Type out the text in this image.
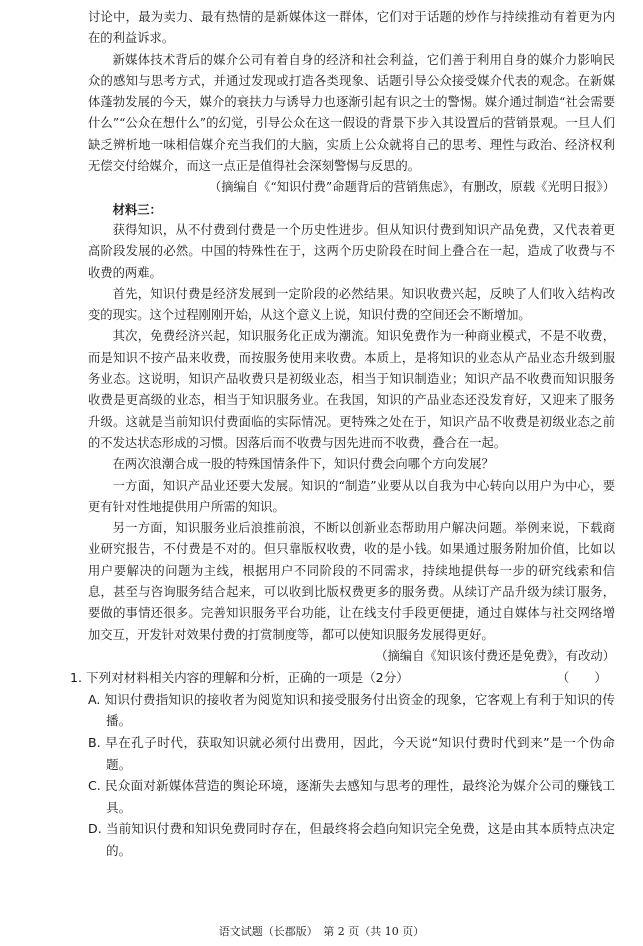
讨论中，最为卖力、最有热情的是新媒体这一群体，它们对于话题的炒作与持续推动有着更为内在的利益诉求。

新媒体技术背后的媒介公司有着自身的经济和社会利益，它们善于利用自身的媒介力影响民众的感知与思考方式，并通过发现或打造各类现象、话题引导公众接受媒介代表的观念。在新媒体蓬勃发展的今天，媒介的衰扶力与诱导力也逐渐引起有识之士的警惕。媒介通过制造“社会需要什么”“公众在想什么”的幻觉，引导公众在这一假设的背景下步入其设置后的营销景观。一旦人们缺乏辨析地一味相信媒介充当我们的大脑，实质上公众就将自己的思考、理性与政治、经济权利无偿交付给媒介，而这一点正是值得社会深刻警惕与反思的。

（摘编自《“知识付费”命题背后的营销焦虑》，有删改，原载《光明日报》）

材料三：

获得知识，从不付费到付费是一个历史性进步。但从知识付费到知识产品免费，又代表着更高阶段发展的必然。中国的特殊性在于，这两个历史阶段在时间上叠合在一起，造成了收费与不收费的两难。

首先，知识付费是经济发展到一定阶段的必然结果。知识收费兴起，反映了人们收入结构改变的现实。这个过程刚刚开始，从这个意义上说，知识付费的空间还会不断增加。

其次，免费经济兴起，知识服务化正成为潮流。知识免费作为一种商业模式，不是不收费，而是知识不按产品来收费，而按服务使用来收费。本质上，是将知识的业态从产品业态升级到服务业态。这说明，知识产品收费只是初级业态，相当于知识制造业；知识产品不收费而知识服务收费是更高级的业态，相当于知识服务业。在我国，知识的产品业态还没发育好，又迎来了服务升级。这就是当前知识付费面临的实际情况。更特殊之处在于，知识产品不收费是初级业态之前的不发达状态形成的习惯。因落后而不收费与因先进而不收费，叠合在一起。

在两次浪潮合成一股的特殊国情条件下，知识付费会向哪个方向发展？

一方面，知识产品业还要大发展。知识的“制造”业要从以自我为中心转向以用户为中心，要更有针对性地提供用户所需的知识。

另一方面，知识服务业后浪推前浪，不断以创新业态帮助用户解决问题。举例来说，下载商业研究报告，不付费是不对的。但只靠版权收费，收的是小钱。如果通过服务附加价值，比如以用户要解决的问题为主线，根据用户不同阶段的不同需求，持续地提供每一步的研究线索和信息，甚至与咨询服务结合起来，可以收到比版权费更多的服务费。从续订产品升级为续订服务，要做的事情还很多。完善知识服务平台功能，让在线支付手段更便捷，通过自媒体与社交网络增加交互，开发针对效果付费的打赏制度等，都可以使知识服务发展得更好。

（摘编自《知识该付费还是免费》，有改动）

（　　）
1. 下列对材料相关内容的理解和分析，正确的一项是（2分）

A. 知识付费指知识的接收者为阅览知识和接受服务付出资金的现象，它客观上有利于知识的传播。

B. 早在孔子时代，获取知识就必须付出费用，因此，今天说“知识付费时代到来”是一个伪命题。

C. 民众面对新媒体营造的舆论环境，逐渐失去感知与思考的理性，最终沦为媒介公司的赚钱工具。

D. 当前知识付费和知识免费同时存在，但最终将会趋向知识完全免费，这是由其本质特点决定的。

语文试题（长郡版）　第 2 页（共 10 页）
